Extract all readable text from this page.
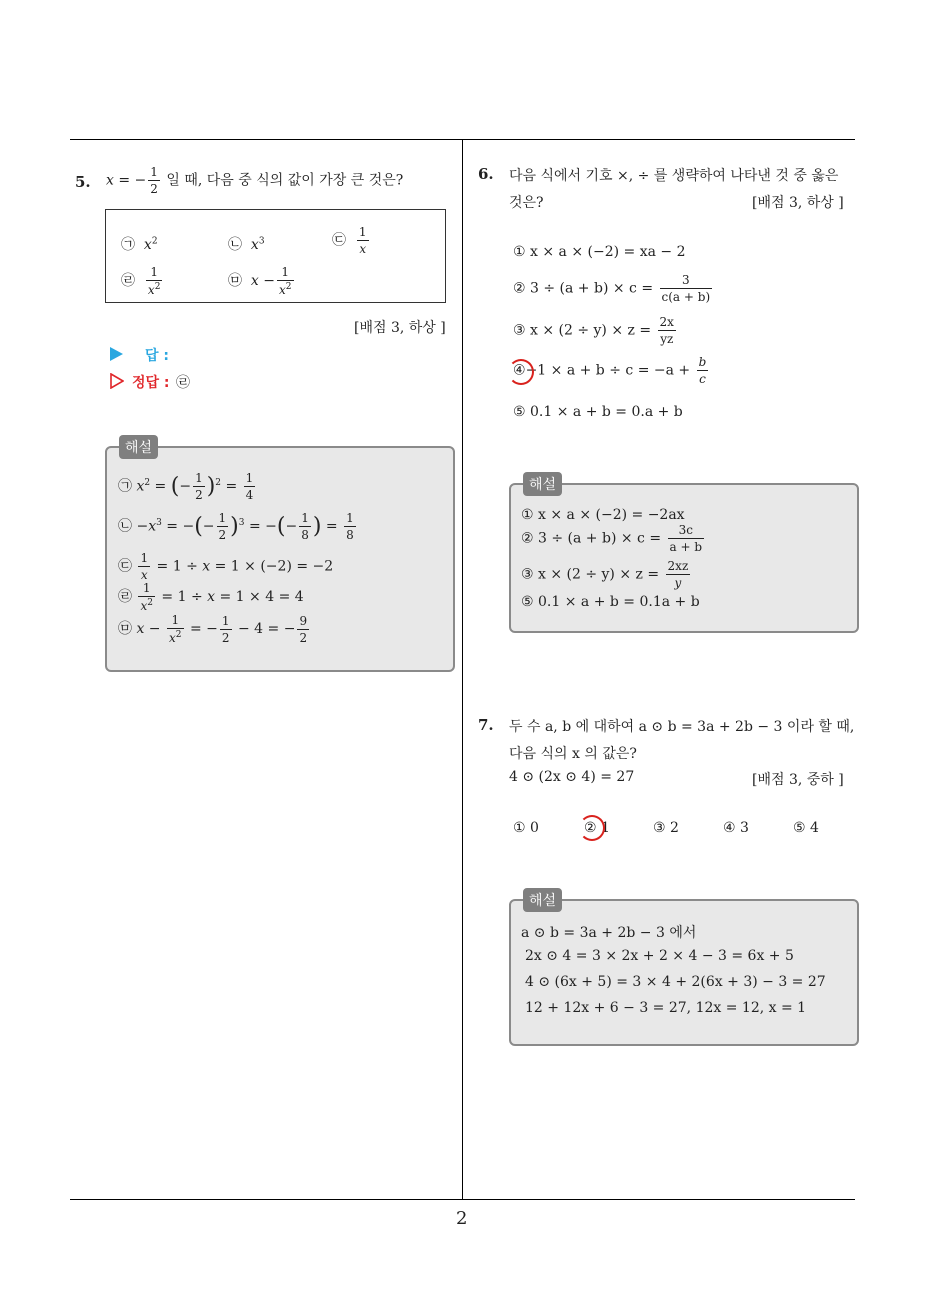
2
5. x = − $\frac{1}{2}$ 일 때, 다음 중 식의 값이 가장 큰 것은?
㉠ $x^2$	㉡ $x^3$	㉢ $\frac{1}{x}$
㉣ $\frac{1}{x^2}$	㉤ $x - \frac{1}{x^2}$
[배점 3, 하상 ]
답 :
정답 : ㉣
해설
㉠ $x^2$ = (− $\frac{1}{2} )^2 = \frac{1}{4}$
㉡ $-x^3$ = −(− $\frac{1}{2} )^3$ = −(− $\frac{1}{8}$ ) = $\frac{1}{8}$
㉢ $\frac{1}{x} = 1 \div x = 1 \times (-2) = -2$
㉣ $\frac{1}{x^2} = 1 \div x = 1 \times 4 = 4$
㉤ $x - \frac{1}{x^2}$ = − $\frac{1}{2} - 4$ = − $\frac{9}{2}$
6. 다음 식에서 기호 ×, ÷ 를 생략하여 나타낸 것 중 옳은
것은?	[배점 3, 하상 ]
① x × a × (−2) = xa − 2
② $3 \div (a + b) \times c = \frac{3}{c(a + b)}$
③ $x \times (2 \div y) \times z = \frac{2x}{yz}$
④−1 × $a + b \div c = -a + \frac{b}{c}$
⑤ 0.1 × a + b = 0.a + b
해설
① x × a × (−2) = −2ax
② $3 \div (a + b) \times c = \frac{3c}{a + b}$
③ $x \times (2 \div y) \times z = \frac{2xz}{y}$
⑤ 0.1 × a + b = 0.1a + b
7. 두 수 a, b 에 대하여 a ⊙ b = 3a + 2b − 3 이라 할 때,
다음 식의 x 의 값은?
4 ⊙ (2x ⊙ 4) = 27	[배점 3, 중하 ]
① 0	② 1	③ 2	④ 3	⑤ 4
해설
a ⊙ b = 3a + 2b − 3 에서
2x ⊙ 4 = 3 × 2x + 2 × 4 − 3 = 6x + 5
4 ⊙ (6x + 5) = 3 × 4 + 2(6x + 3) − 3 = 27
12 + 12x + 6 − 3 = 27, 12x = 12, x = 1
